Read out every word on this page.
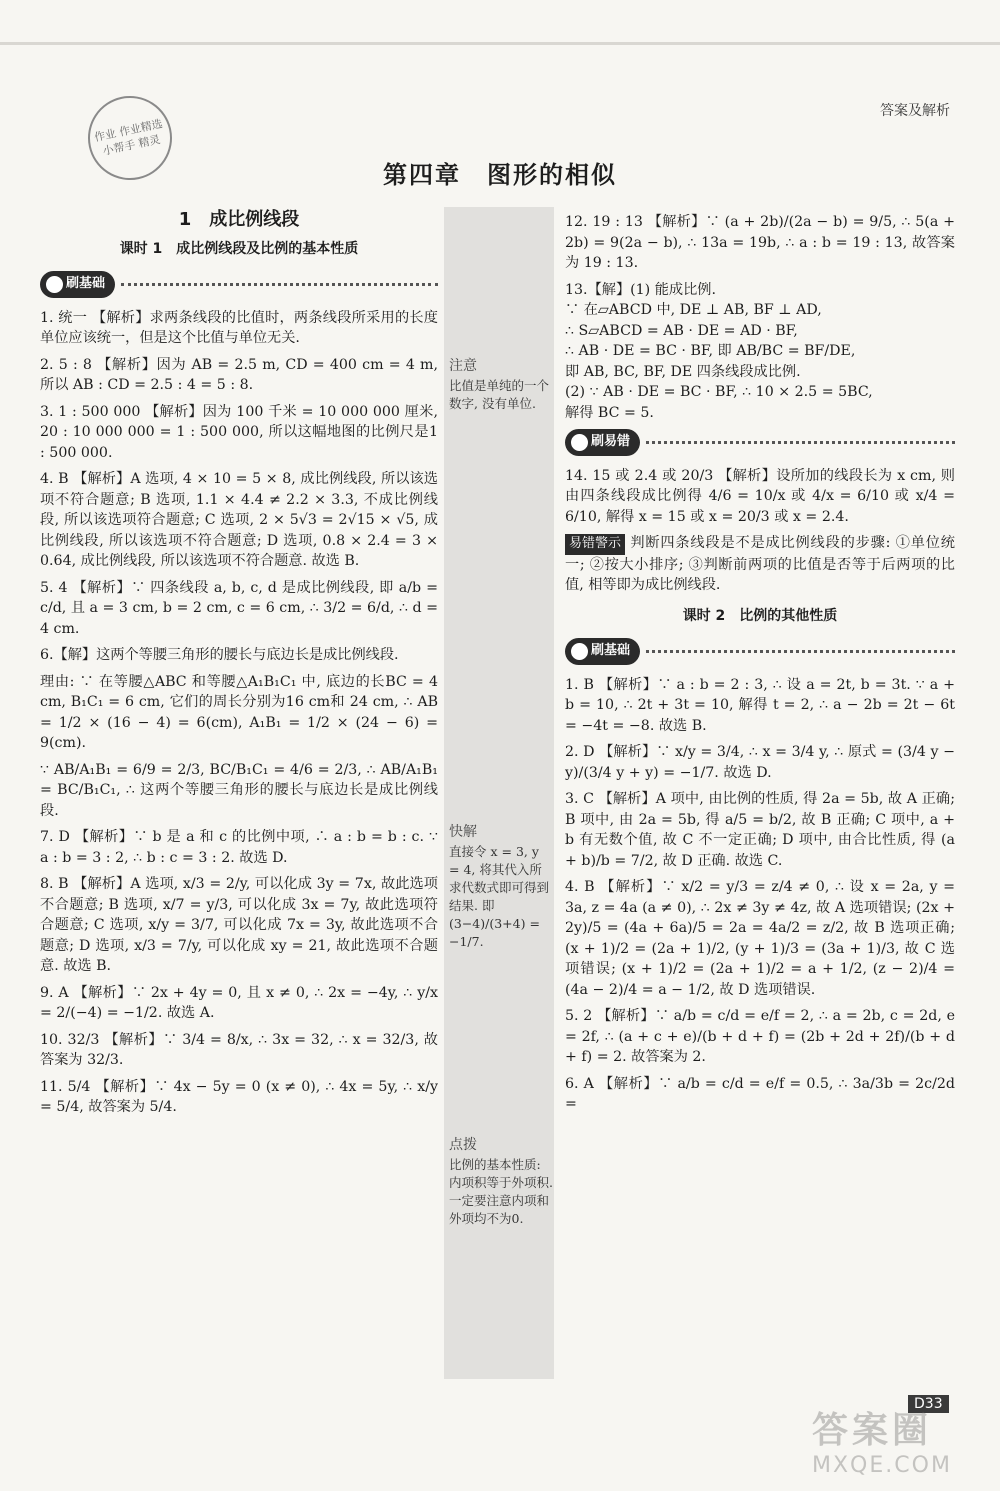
作业 作业精选小帮手 精灵
答案及解析
第四章　图形的相似
注意
比值是单纯的一个数字, 没有单位.
快解
直接令 x = 3, y = 4, 将其代入所求代数式即可得到结果. 即 (3−4)/(3+4) = −1/7.
点拨
比例的基本性质: 内项积等于外项积. 一定要注意内项和外项均不为0.
1　成比例线段
课时 1　成比例线段及比例的基本性质
刷基础
1. 统一 【解析】求两条线段的比值时，两条线段所采用的长度单位应该统一，但是这个比值与单位无关.
2. 5 : 8 【解析】因为 AB = 2.5 m, CD = 400 cm = 4 m, 所以 AB : CD = 2.5 : 4 = 5 : 8.
3. 1 : 500 000 【解析】因为 100 千米 = 10 000 000 厘米, 20 : 10 000 000 = 1 : 500 000, 所以这幅地图的比例尺是1 : 500 000.
4. B 【解析】A 选项, 4 × 10 = 5 × 8, 成比例线段, 所以该选项不符合题意; B 选项, 1.1 × 4.4 ≠ 2.2 × 3.3, 不成比例线段, 所以该选项符合题意; C 选项, 2 × 5√3 = 2√15 × √5, 成比例线段, 所以该选项不符合题意; D 选项, 0.8 × 2.4 = 3 × 0.64, 成比例线段, 所以该选项不符合题意. 故选 B.
5. 4 【解析】∵ 四条线段 a, b, c, d 是成比例线段, 即 a/b = c/d, 且 a = 3 cm, b = 2 cm, c = 6 cm, ∴ 3/2 = 6/d, ∴ d = 4 cm.
6.【解】这两个等腰三角形的腰长与底边长是成比例线段.
理由: ∵ 在等腰△ABC 和等腰△A₁B₁C₁ 中, 底边的长BC = 4 cm, B₁C₁ = 6 cm, 它们的周长分别为16 cm和 24 cm, ∴ AB = 1/2 × (16 − 4) = 6(cm), A₁B₁ = 1/2 × (24 − 6) = 9(cm).
∵ AB/A₁B₁ = 6/9 = 2/3, BC/B₁C₁ = 4/6 = 2/3, ∴ AB/A₁B₁ = BC/B₁C₁, ∴ 这两个等腰三角形的腰长与底边长是成比例线段.
7. D 【解析】∵ b 是 a 和 c 的比例中项, ∴ a : b = b : c. ∵ a : b = 3 : 2, ∴ b : c = 3 : 2. 故选 D.
8. B 【解析】A 选项, x/3 = 2/y, 可以化成 3y = 7x, 故此选项不合题意; B 选项, x/7 = y/3, 可以化成 3x = 7y, 故此选项符合题意; C 选项, x/y = 3/7, 可以化成 7x = 3y, 故此选项不合题意; D 选项, x/3 = 7/y, 可以化成 xy = 21, 故此选项不合题意. 故选 B.
9. A 【解析】∵ 2x + 4y = 0, 且 x ≠ 0, ∴ 2x = −4y, ∴ y/x = 2/(−4) = −1/2. 故选 A.
10. 32/3 【解析】∵ 3/4 = 8/x, ∴ 3x = 32, ∴ x = 32/3, 故答案为 32/3.
11. 5/4 【解析】∵ 4x − 5y = 0 (x ≠ 0), ∴ 4x = 5y, ∴ x/y = 5/4, 故答案为 5/4.
12. 19 : 13 【解析】∵ (a + 2b)/(2a − b) = 9/5, ∴ 5(a + 2b) = 9(2a − b), ∴ 13a = 19b, ∴ a : b = 19 : 13, 故答案为 19 : 13.
13.【解】(1) 能成比例.
∵ 在▱ABCD 中, DE ⊥ AB, BF ⊥ AD,
∴ S▱ABCD = AB · DE = AD · BF,
∴ AB · DE = BC · BF, 即 AB/BC = BF/DE,
即 AB, BC, BF, DE 四条线段成比例.
(2) ∵ AB · DE = BC · BF, ∴ 10 × 2.5 = 5BC,
解得 BC = 5.
刷易错
14. 15 或 2.4 或 20/3 【解析】设所加的线段长为 x cm, 则由四条线段成比例得 4/6 = 10/x 或 4/x = 6/10 或 x/4 = 6/10, 解得 x = 15 或 x = 20/3 或 x = 2.4.
易错警示 判断四条线段是不是成比例线段的步骤: ①单位统一; ②按大小排序; ③判断前两项的比值是否等于后两项的比值, 相等即为成比例线段.
课时 2　比例的其他性质
刷基础
1. B 【解析】∵ a : b = 2 : 3, ∴ 设 a = 2t, b = 3t. ∵ a + b = 10, ∴ 2t + 3t = 10, 解得 t = 2, ∴ a − 2b = 2t − 6t = −4t = −8. 故选 B.
2. D 【解析】∵ x/y = 3/4, ∴ x = 3/4 y, ∴ 原式 = (3/4 y − y)/(3/4 y + y) = −1/7. 故选 D.
3. C 【解析】A 项中, 由比例的性质, 得 2a = 5b, 故 A 正确; B 项中, 由 2a = 5b, 得 a/5 = b/2, 故 B 正确; C 项中, a + b 有无数个值, 故 C 不一定正确; D 项中, 由合比性质, 得 (a + b)/b = 7/2, 故 D 正确. 故选 C.
4. B 【解析】∵ x/2 = y/3 = z/4 ≠ 0, ∴ 设 x = 2a, y = 3a, z = 4a (a ≠ 0), ∴ 2x ≠ 3y ≠ 4z, 故 A 选项错误; (2x + 2y)/5 = (4a + 6a)/5 = 2a = 4a/2 = z/2, 故 B 选项正确; (x + 1)/2 = (2a + 1)/2, (y + 1)/3 = (3a + 1)/3, 故 C 选项错误; (x + 1)/2 = (2a + 1)/2 = a + 1/2, (z − 2)/4 = (4a − 2)/4 = a − 1/2, 故 D 选项错误.
5. 2 【解析】∵ a/b = c/d = e/f = 2, ∴ a = 2b, c = 2d, e = 2f, ∴ (a + c + e)/(b + d + f) = (2b + 2d + 2f)/(b + d + f) = 2. 故答案为 2.
6. A 【解析】∵ a/b = c/d = e/f = 0.5, ∴ 3a/3b = 2c/2d =
D33
答案圈
MXQE.COM
